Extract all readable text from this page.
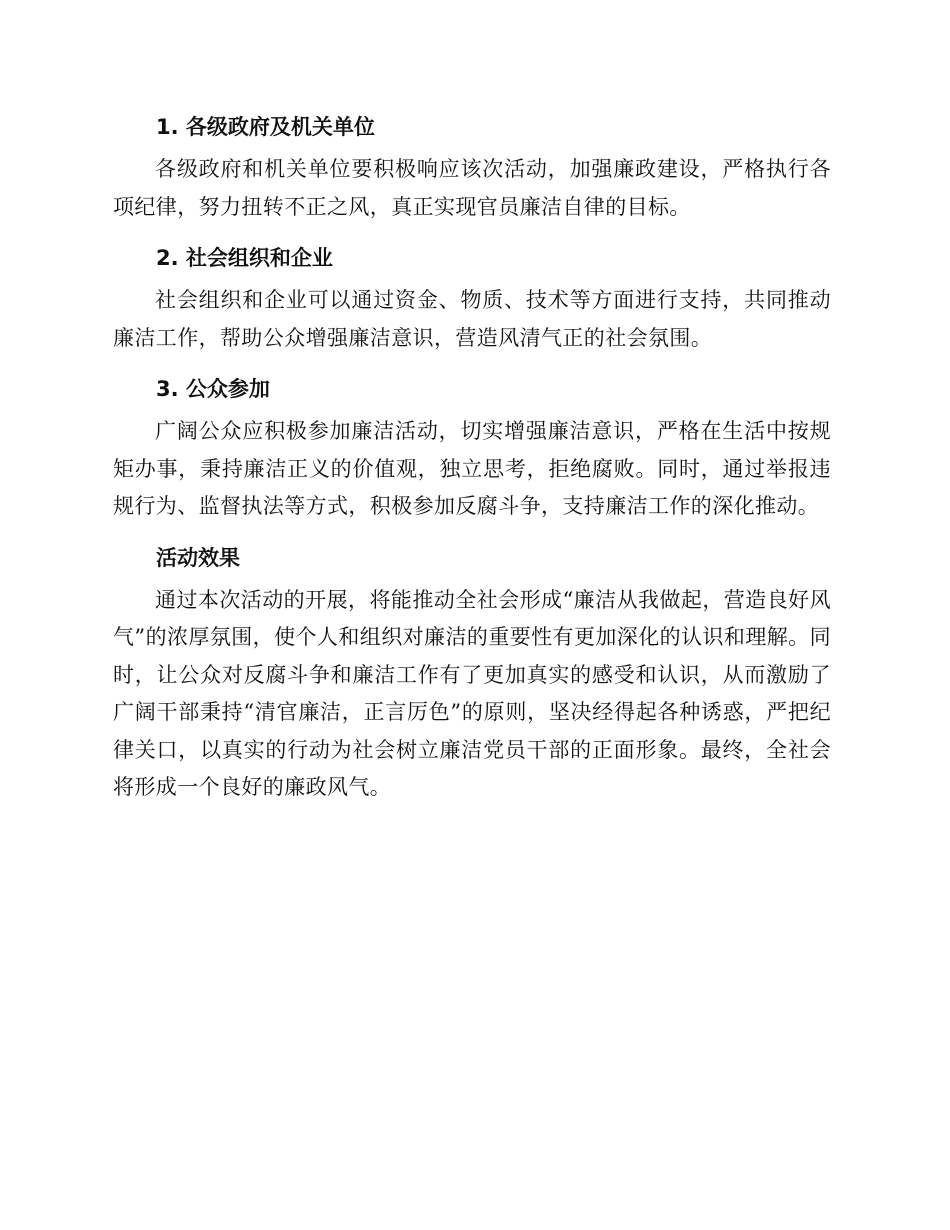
1. 各级政府及机关单位

各级政府和机关单位要积极响应该次活动，加强廉政建设，严格执行各项纪律，努力扭转不正之风，真正实现官员廉洁自律的目标。

2. 社会组织和企业

社会组织和企业可以通过资金、物质、技术等方面进行支持，共同推动廉洁工作，帮助公众增强廉洁意识，营造风清气正的社会氛围。

3. 公众参加

广阔公众应积极参加廉洁活动，切实增强廉洁意识，严格在生活中按规矩办事，秉持廉洁正义的价值观，独立思考，拒绝腐败。同时，通过举报违规行为、监督执法等方式，积极参加反腐斗争，支持廉洁工作的深化推动。

活动效果

通过本次活动的开展，将能推动全社会形成“廉洁从我做起，营造良好风气”的浓厚氛围，使个人和组织对廉洁的重要性有更加深化的认识和理解。同时，让公众对反腐斗争和廉洁工作有了更加真实的感受和认识，从而激励了广阔干部秉持“清官廉洁，正言厉色”的原则，坚决经得起各种诱惑，严把纪律关口，以真实的行动为社会树立廉洁党员干部的正面形象。最终，全社会将形成一个良好的廉政风气。
